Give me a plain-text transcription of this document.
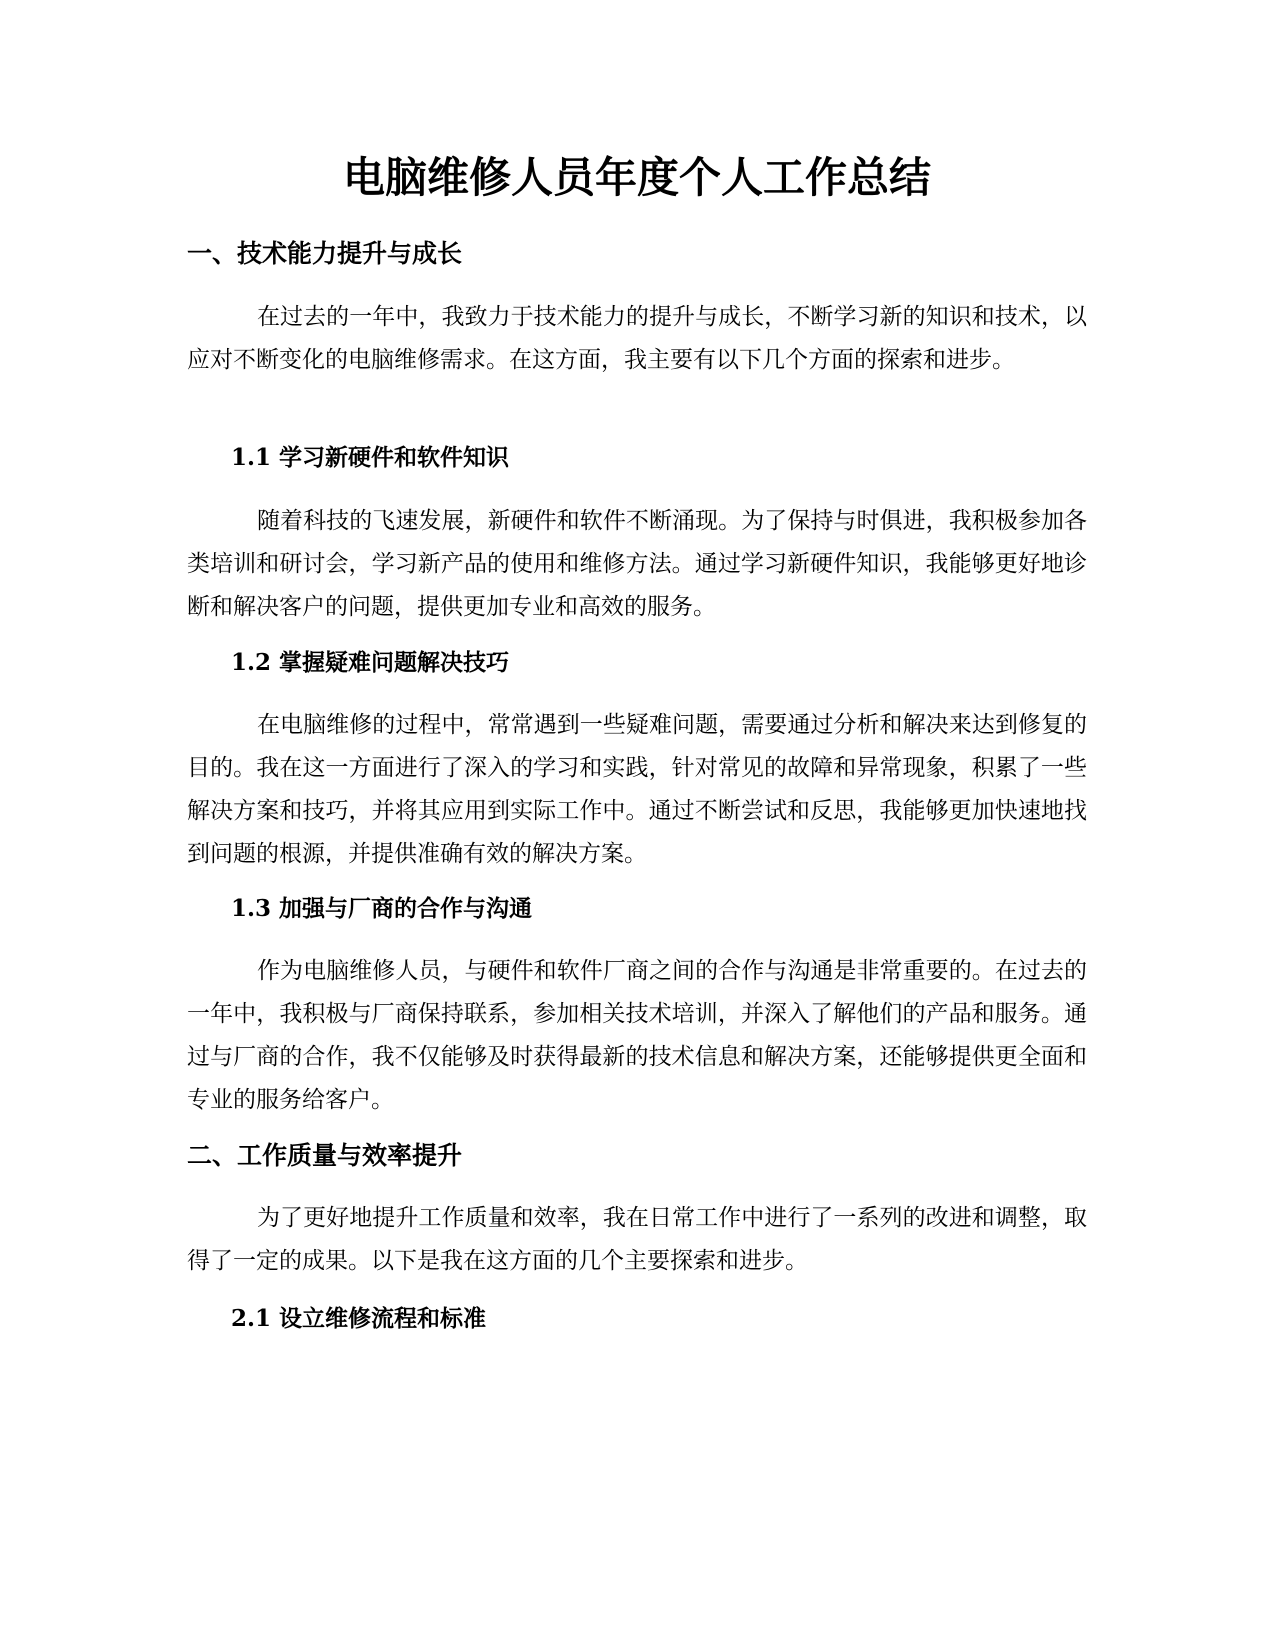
电脑维修人员年度个人工作总结
一、技术能力提升与成长

在过去的一年中，我致力于技术能力的提升与成长，不断学习新的知识和技术，以应对不断变化的电脑维修需求。在这方面，我主要有以下几个方面的探索和进步。

1.1 学习新硬件和软件知识

随着科技的飞速发展，新硬件和软件不断涌现。为了保持与时俱进，我积极参加各类培训和研讨会，学习新产品的使用和维修方法。通过学习新硬件知识，我能够更好地诊断和解决客户的问题，提供更加专业和高效的服务。

1.2 掌握疑难问题解决技巧

在电脑维修的过程中，常常遇到一些疑难问题，需要通过分析和解决来达到修复的目的。我在这一方面进行了深入的学习和实践，针对常见的故障和异常现象，积累了一些解决方案和技巧，并将其应用到实际工作中。通过不断尝试和反思，我能够更加快速地找到问题的根源，并提供准确有效的解决方案。

1.3 加强与厂商的合作与沟通

作为电脑维修人员，与硬件和软件厂商之间的合作与沟通是非常重要的。在过去的一年中，我积极与厂商保持联系，参加相关技术培训，并深入了解他们的产品和服务。通过与厂商的合作，我不仅能够及时获得最新的技术信息和解决方案，还能够提供更全面和专业的服务给客户。

二、工作质量与效率提升

为了更好地提升工作质量和效率，我在日常工作中进行了一系列的改进和调整，取得了一定的成果。以下是我在这方面的几个主要探索和进步。

2.1 设立维修流程和标准
